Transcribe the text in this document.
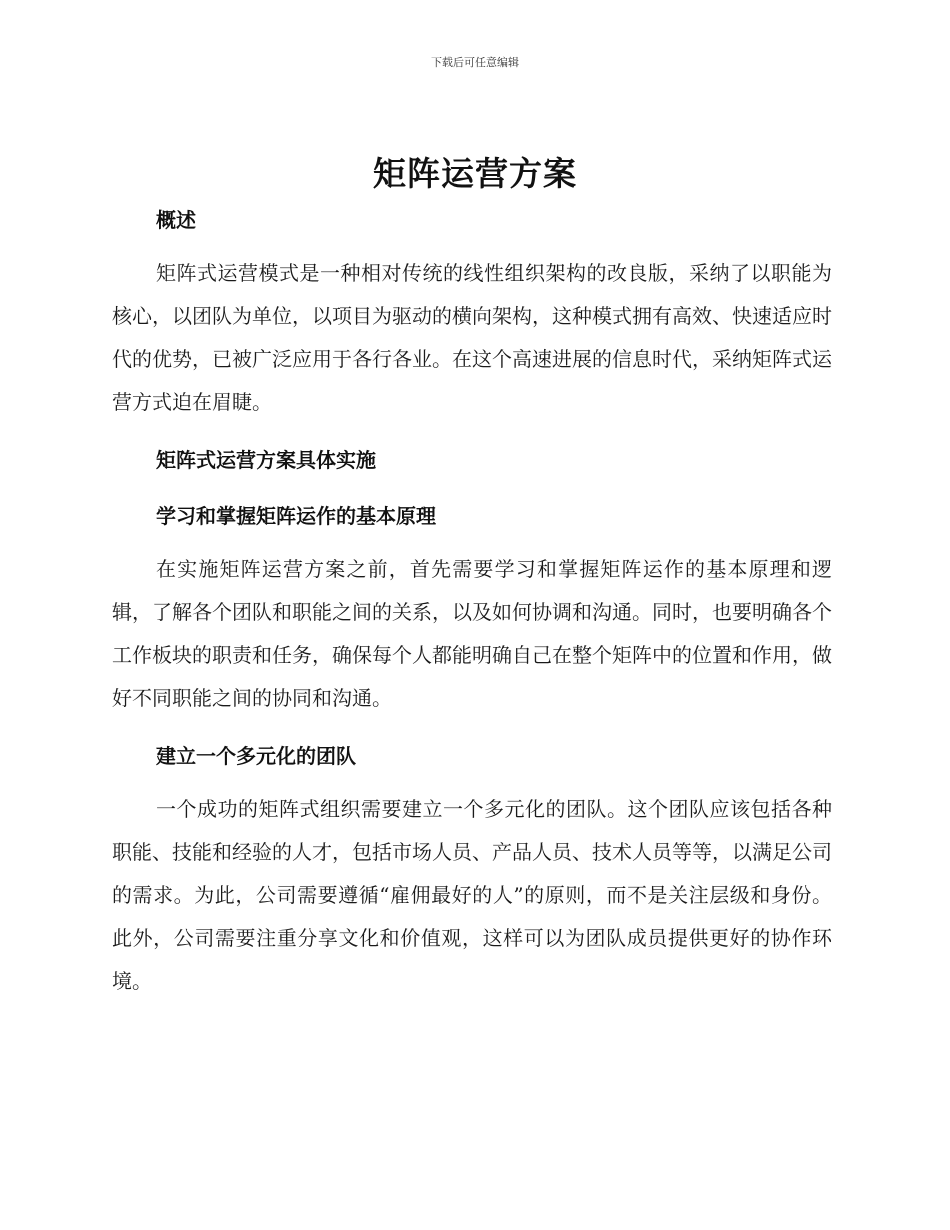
下载后可任意编辑
矩阵运营方案

概述

矩阵式运营模式是一种相对传统的线性组织架构的改良版，采纳了以职能为核心，以团队为单位，以项目为驱动的横向架构，这种模式拥有高效、快速适应时代的优势，已被广泛应用于各行各业。在这个高速进展的信息时代，采纳矩阵式运营方式迫在眉睫。

矩阵式运营方案具体实施

学习和掌握矩阵运作的基本原理

在实施矩阵运营方案之前，首先需要学习和掌握矩阵运作的基本原理和逻辑，了解各个团队和职能之间的关系，以及如何协调和沟通。同时，也要明确各个工作板块的职责和任务，确保每个人都能明确自己在整个矩阵中的位置和作用，做好不同职能之间的协同和沟通。

建立一个多元化的团队

一个成功的矩阵式组织需要建立一个多元化的团队。这个团队应该包括各种职能、技能和经验的人才，包括市场人员、产品人员、技术人员等等，以满足公司的需求。为此，公司需要遵循“雇佣最好的人”的原则，而不是关注层级和身份。此外，公司需要注重分享文化和价值观，这样可以为团队成员提供更好的协作环境。
